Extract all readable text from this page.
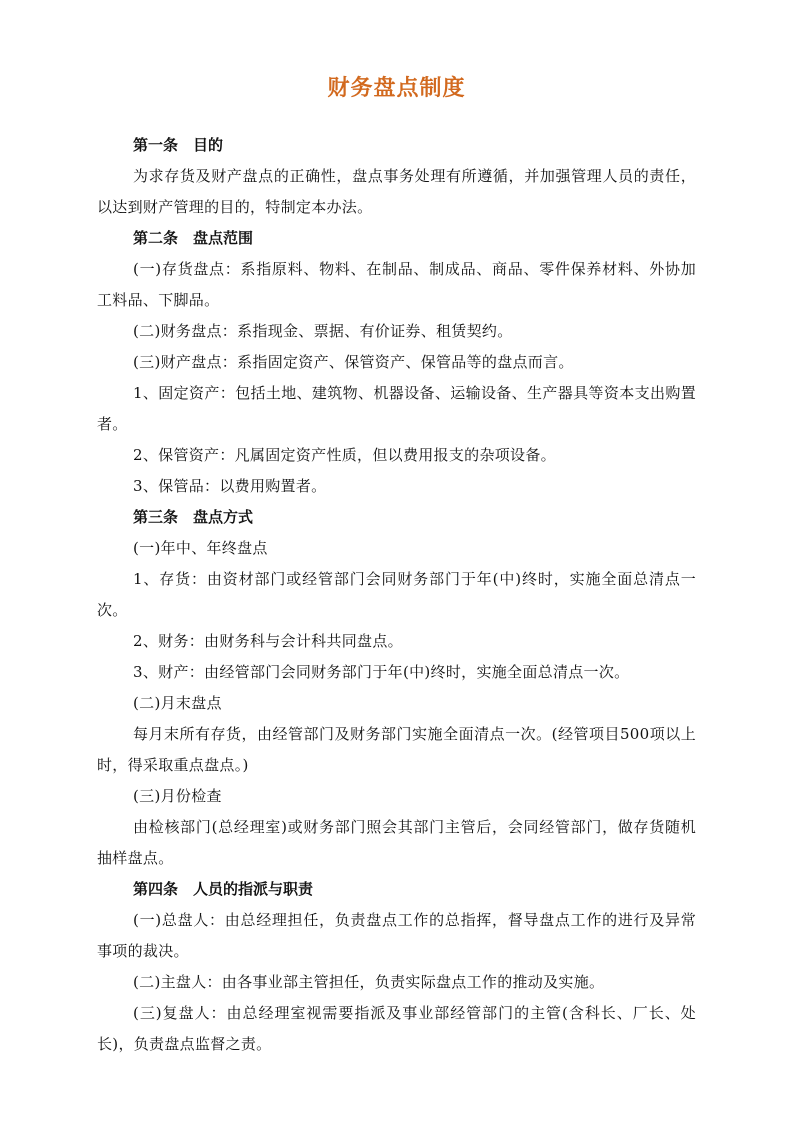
财务盘点制度
第一条　目的

为求存货及财产盘点的正确性，盘点事务处理有所遵循，并加强管理人员的责任，以达到财产管理的目的，特制定本办法。

第二条　盘点范围

(一)存货盘点：系指原料、物料、在制品、制成品、商品、零件保养材料、外协加工料品、下脚品。

(二)财务盘点：系指现金、票据、有价证券、租赁契约。

(三)财产盘点：系指固定资产、保管资产、保管品等的盘点而言。

1、固定资产：包括土地、建筑物、机器设备、运输设备、生产器具等资本支出购置者。

2、保管资产：凡属固定资产性质，但以费用报支的杂项设备。

3、保管品：以费用购置者。

第三条　盘点方式

(一)年中、年终盘点

1、存货：由资材部门或经管部门会同财务部门于年(中)终时，实施全面总清点一次。

2、财务：由财务科与会计科共同盘点。

3、财产：由经管部门会同财务部门于年(中)终时，实施全面总清点一次。

(二)月末盘点

每月末所有存货，由经管部门及财务部门实施全面清点一次。(经管项目500项以上时，得采取重点盘点。)

(三)月份检查

由检核部门(总经理室)或财务部门照会其部门主管后，会同经管部门，做存货随机抽样盘点。

第四条　人员的指派与职责

(一)总盘人：由总经理担任，负责盘点工作的总指挥，督导盘点工作的进行及异常事项的裁决。

(二)主盘人：由各事业部主管担任，负责实际盘点工作的推动及实施。

(三)复盘人：由总经理室视需要指派及事业部经管部门的主管(含科长、厂长、处长)，负责盘点监督之责。
